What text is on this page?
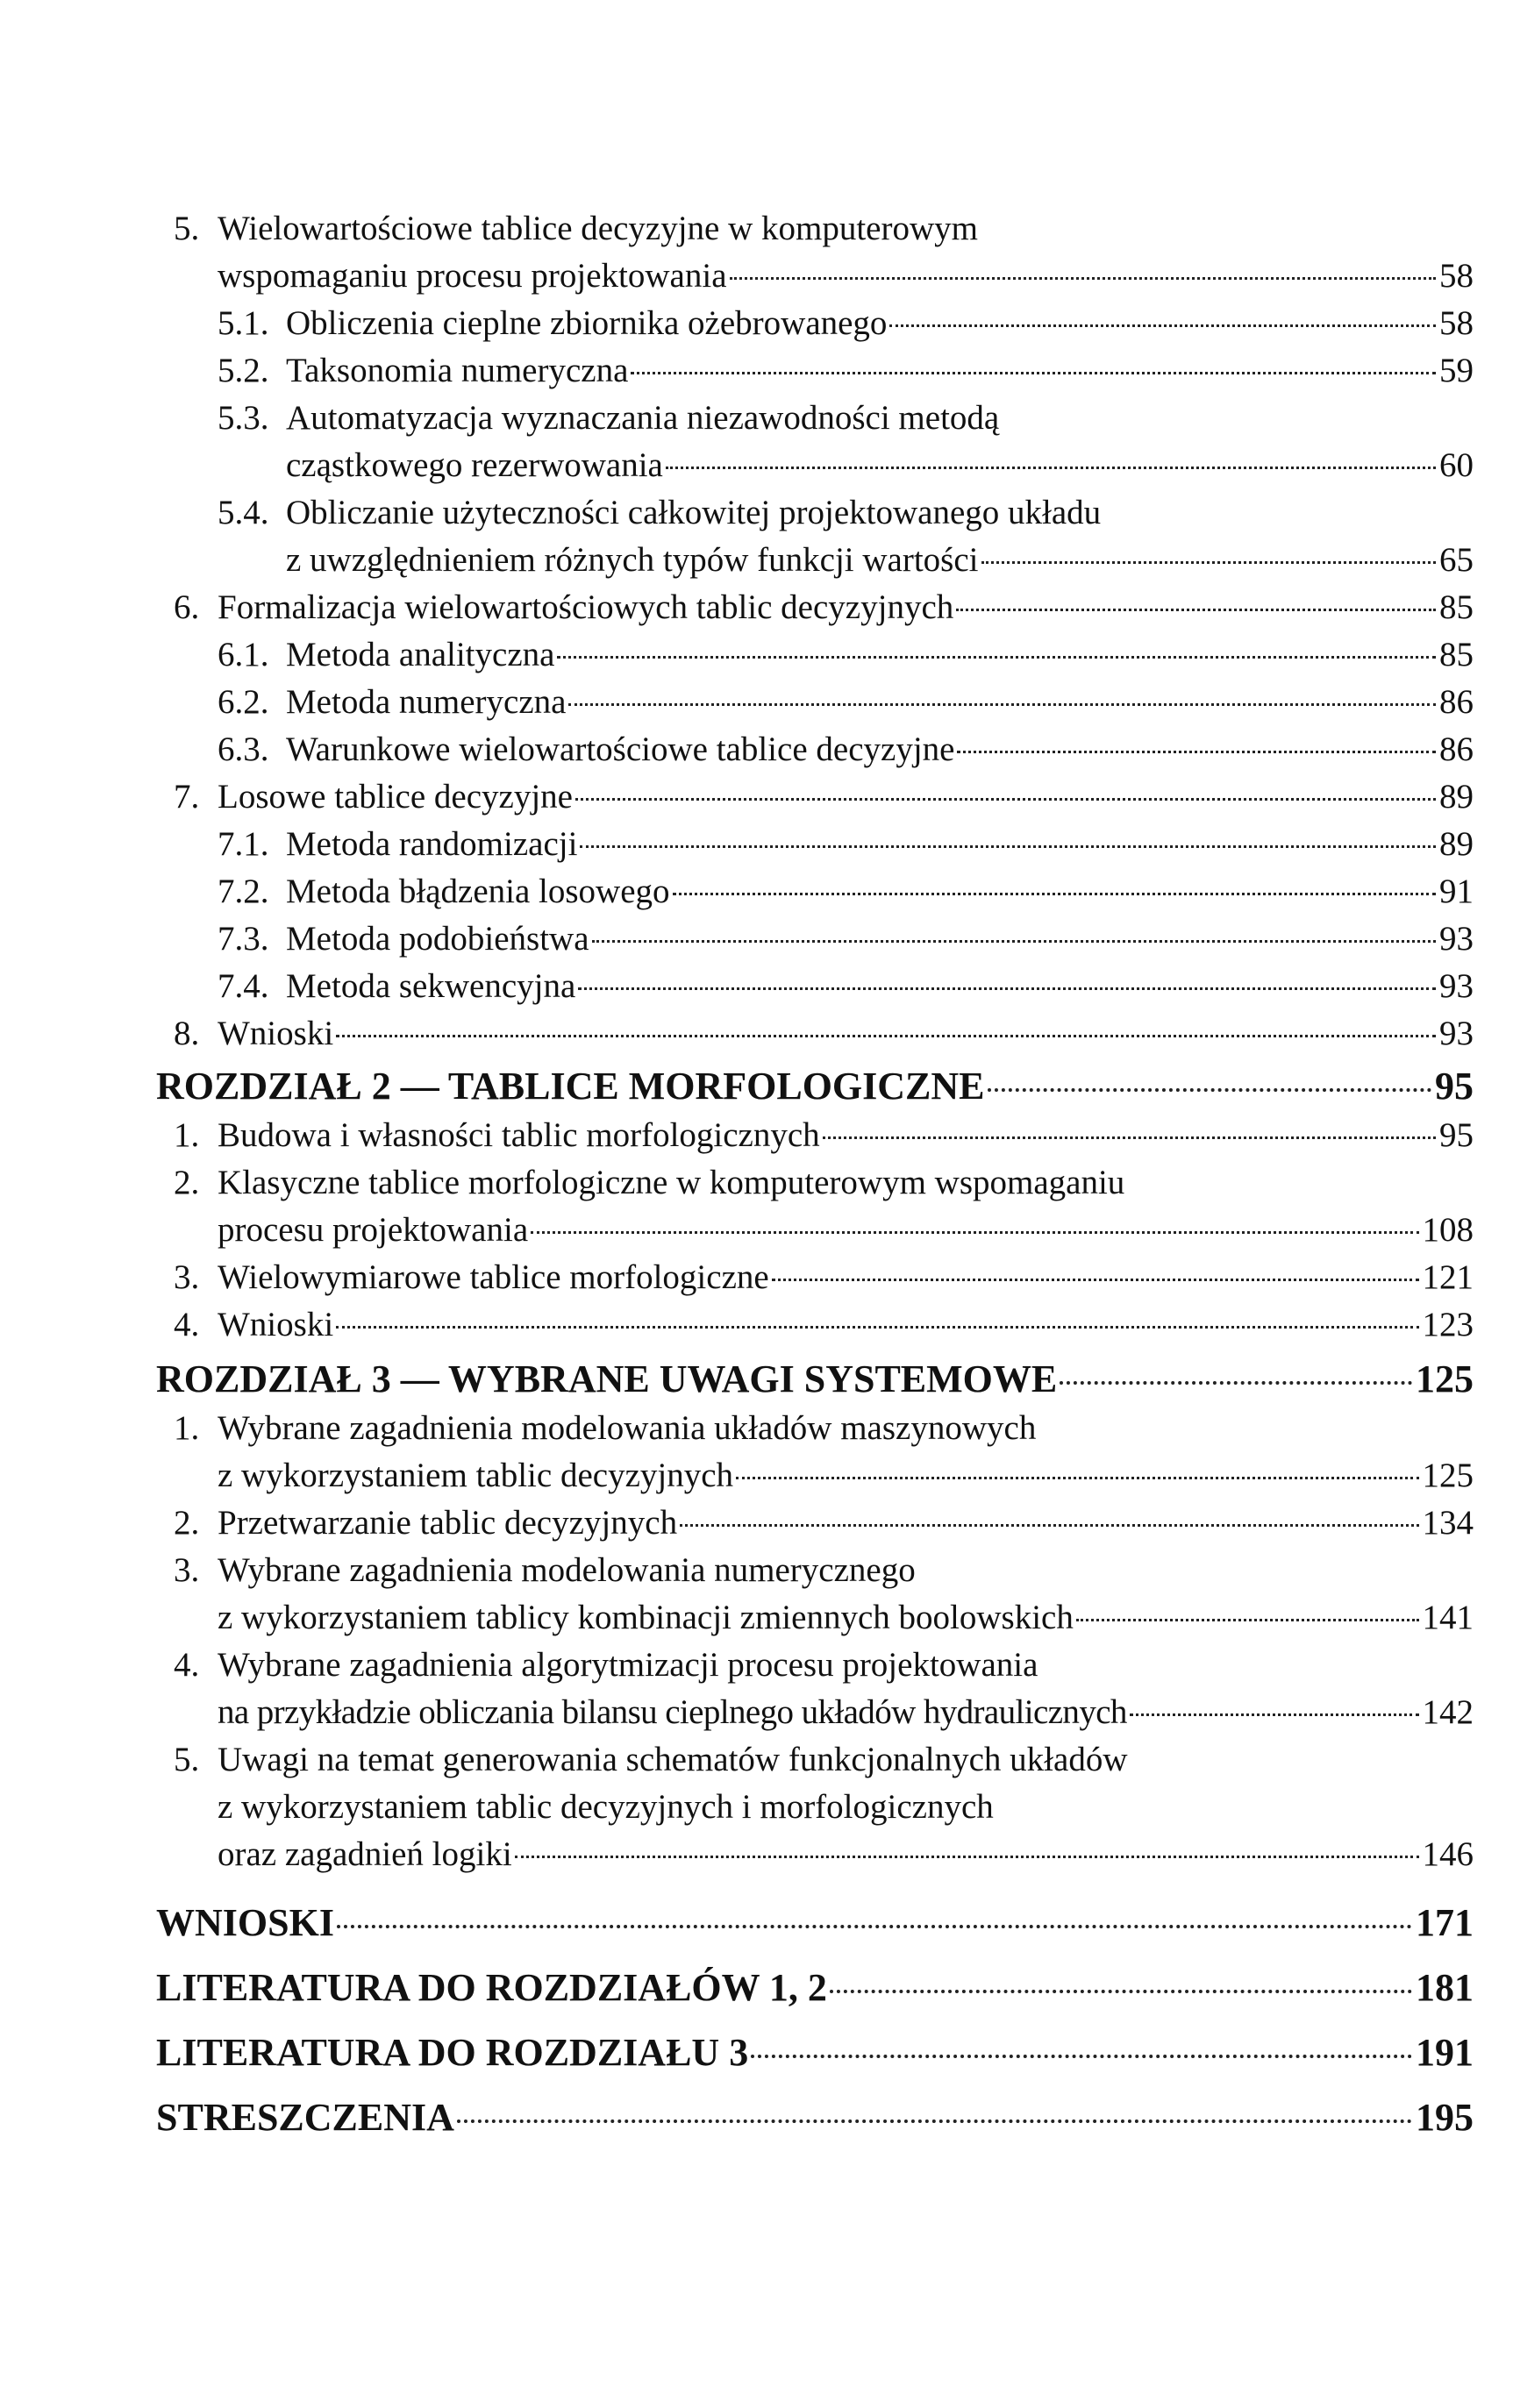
5. Wielowartościowe tablice decyzyjne w komputerowym
wspomaganiu procesu projektowania	58
5.1. Obliczenia cieplne zbiornika ożebrowanego	58
5.2. Taksonomia numeryczna	59
5.3. Automatyzacja wyznaczania niezawodności metodą
cząstkowego rezerwowania	60
5.4. Obliczanie użyteczności całkowitej projektowanego układu
z uwzględnieniem różnych typów funkcji wartości	65
6. Formalizacja wielowartościowych tablic decyzyjnych	85
6.1. Metoda analityczna	85
6.2. Metoda numeryczna	86
6.3. Warunkowe wielowartościowe tablice decyzyjne	86
7. Losowe tablice decyzyjne	89
7.1. Metoda randomizacji	89
7.2. Metoda błądzenia losowego	91
7.3. Metoda podobieństwa	93
7.4. Metoda sekwencyjna	93
8. Wnioski	93
ROZDZIAŁ 2 — TABLICE MORFOLOGICZNE	95
1. Budowa i własności tablic morfologicznych	95
2. Klasyczne tablice morfologiczne w komputerowym wspomaganiu
procesu projektowania	108
3. Wielowymiarowe tablice morfologiczne	121
4. Wnioski	123
ROZDZIAŁ 3 — WYBRANE UWAGI SYSTEMOWE	125
1. Wybrane zagadnienia modelowania układów maszynowych
z wykorzystaniem tablic decyzyjnych	125
2. Przetwarzanie tablic decyzyjnych	134
3. Wybrane zagadnienia modelowania numerycznego
z wykorzystaniem tablicy kombinacji zmiennych boolowskich	141
4. Wybrane zagadnienia algorytmizacji procesu projektowania
na przykładzie obliczania bilansu cieplnego układów hydraulicznych	142
5. Uwagi na temat generowania schematów funkcjonalnych układów
z wykorzystaniem tablic decyzyjnych i morfologicznych
oraz zagadnień logiki	146
WNIOSKI	171
LITERATURA DO ROZDZIAŁÓW 1, 2	181
LITERATURA DO ROZDZIAŁU 3	191
STRESZCZENIA	195
